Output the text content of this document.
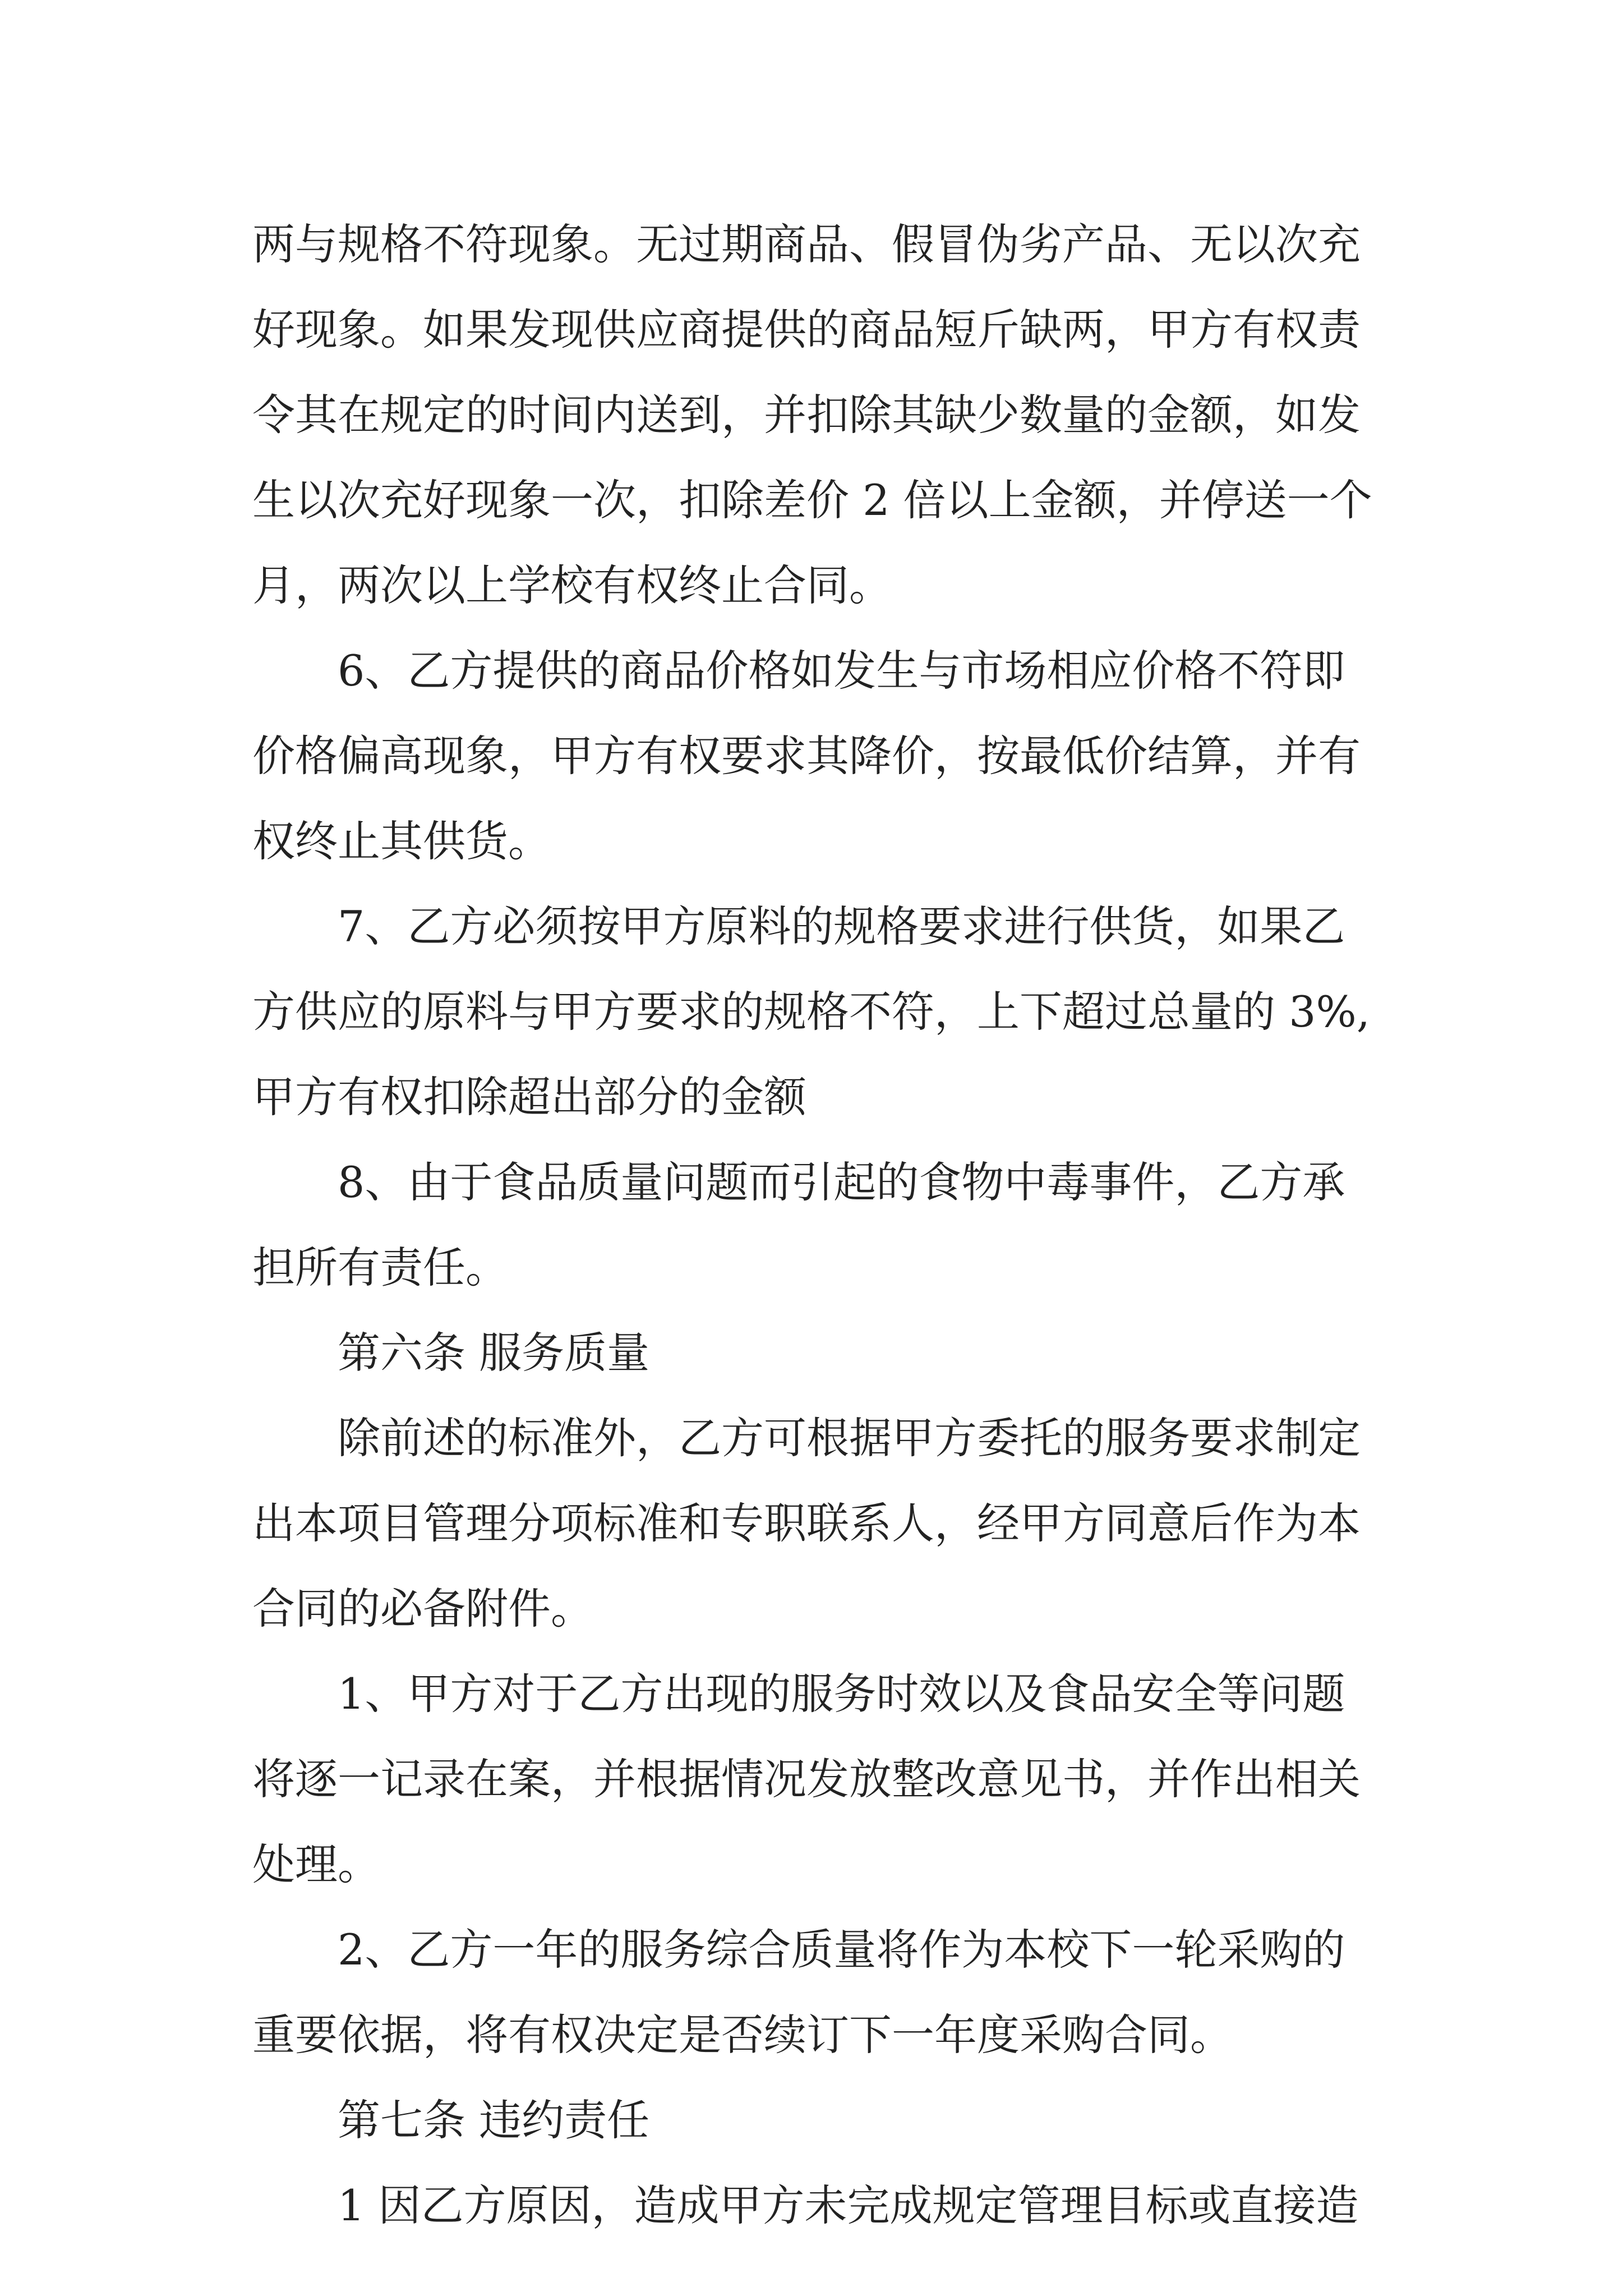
两与规格不符现象。无过期商品、假冒伪劣产品、无以次充
好现象。如果发现供应商提供的商品短斤缺两，甲方有权责
令其在规定的时间内送到，并扣除其缺少数量的金额，如发
生以次充好现象一次，扣除差价 2 倍以上金额，并停送一个
月，两次以上学校有权终止合同。
6、乙方提供的商品价格如发生与市场相应价格不符即
价格偏高现象，甲方有权要求其降价，按最低价结算，并有
权终止其供货。
7、乙方必须按甲方原料的规格要求进行供货，如果乙
方供应的原料与甲方要求的规格不符，上下超过总量的 3%,
甲方有权扣除超出部分的金额
8、由于食品质量问题而引起的食物中毒事件，乙方承
担所有责任。
第六条 服务质量
除前述的标准外，乙方可根据甲方委托的服务要求制定
出本项目管理分项标准和专职联系人，经甲方同意后作为本
合同的必备附件。
1、甲方对于乙方出现的服务时效以及食品安全等问题
将逐一记录在案，并根据情况发放整改意见书，并作出相关
处理。
2、乙方一年的服务综合质量将作为本校下一轮采购的
重要依据，将有权决定是否续订下一年度采购合同。
第七条 违约责任
1 因乙方原因，造成甲方未完成规定管理目标或直接造
